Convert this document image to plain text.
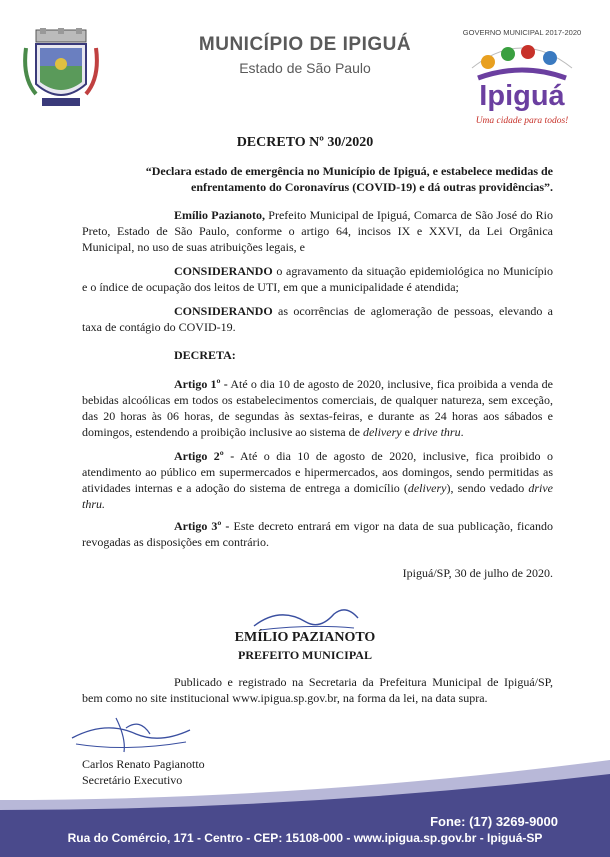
MUNICÍPIO DE IPIGUÁ
Estado de São Paulo
GOVERNO MUNICIPAL 2017-2020
Ipiguá
Uma cidade para todos!
DECRETO Nº 30/2020
“Declara estado de emergência no Município de Ipiguá, e estabelece medidas de enfrentamento do Coronavírus (COVID-19) e dá outras providências”.
Emílio Pazianoto, Prefeito Municipal de Ipiguá, Comarca de São José do Rio Preto, Estado de São Paulo, conforme o artigo 64, incisos IX e XXVI, da Lei Orgânica Municipal, no uso de suas atribuições legais, e
CONSIDERANDO o agravamento da situação epidemiológica no Município e o índice de ocupação dos leitos de UTI, em que a municipalidade é atendida;
CONSIDERANDO as ocorrências de aglomeração de pessoas, elevando a taxa de contágio do COVID-19.
DECRETA:
Artigo 1º - Até o dia 10 de agosto de 2020, inclusive, fica proibida a venda de bebidas alcoólicas em todos os estabelecimentos comerciais, de qualquer natureza, sem exceção, das 20 horas às 06 horas, de segundas às sextas-feiras, e durante as 24 horas aos sábados e domingos, estendendo a proibição inclusive ao sistema de delivery e drive thru.
Artigo 2º - Até o dia 10 de agosto de 2020, inclusive, fica proibido o atendimento ao público em supermercados e hipermercados, aos domingos, sendo permitidas as atividades internas e a adoção do sistema de entrega a domicílio (delivery), sendo vedado drive thru.
Artigo 3º - Este decreto entrará em vigor na data de sua publicação, ficando revogadas as disposições em contrário.
Ipiguá/SP, 30 de julho de 2020.
EMÍLIO PAZIANOTO
PREFEITO MUNICIPAL
Publicado e registrado na Secretaria da Prefeitura Municipal de Ipiguá/SP, bem como no site institucional www.ipigua.sp.gov.br, na forma da lei, na data supra.
Carlos Renato Pagianotto
Secretário Executivo
Fone: (17) 3269-9000
Rua do Comércio, 171 - Centro - CEP: 15108-000 - www.ipigua.sp.gov.br - Ipiguá-SP
